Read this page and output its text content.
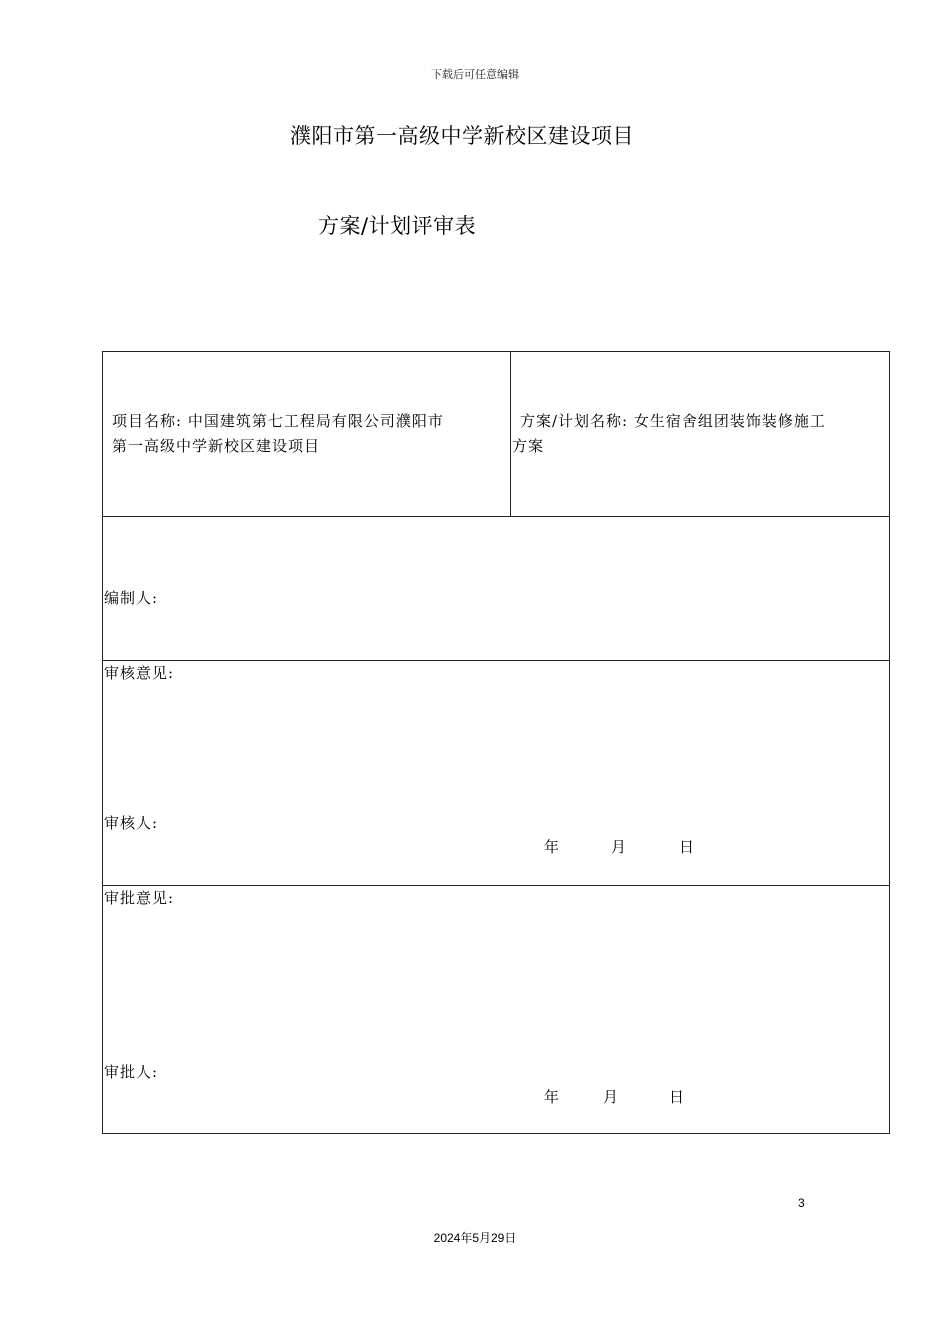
下载后可任意编辑
濮阳市第一高级中学新校区建设项目
方案/计划评审表
项目名称: 中国建筑第七工程局有限公司濮阳市
第一高级中学新校区建设项目
方案/计划名称: 女生宿舍组团装饰装修施工
方案
编制人:
审核意见:
审核人:
年	月	日
审批意见:
审批人:
年	月	日
3
2024年5月29日
